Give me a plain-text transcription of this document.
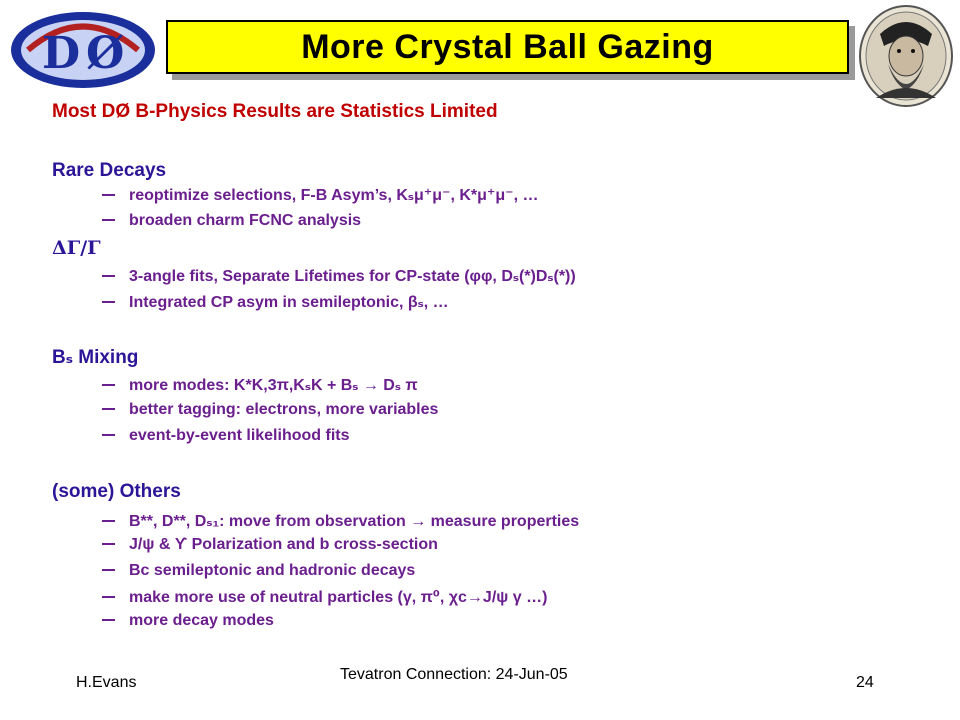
D Ø	More Crystal Ball Gazing
Most DØ B-Physics Results are Statistics Limited
Rare Decays
reoptimize selections, F-B Asym’s, Kₛμ⁺μ⁻, K*μ⁺μ⁻, …
broaden charm FCNC analysis
ΔΓ/Γ
3-angle fits, Separate Lifetimes for CP-state (φφ, Dₛ(*)Dₛ(*))
Integrated CP asym in semileptonic, βₛ, …
Bₛ Mixing
more modes: K*K,3π,KₛK + Bₛ → Dₛ π
better tagging: electrons, more variables
event-by-event likelihood fits
(some) Others
B**, D**, Dₛ₁: move from observation → measure properties
J/ψ & ϒ Polarization and b cross-section
Bᴄ semileptonic and hadronic decays
make more use of neutral particles (γ, π⁰, χᴄ→J/ψ γ …)
more decay modes
H.Evans	Tevatron Connection: 24-Jun-05	24
